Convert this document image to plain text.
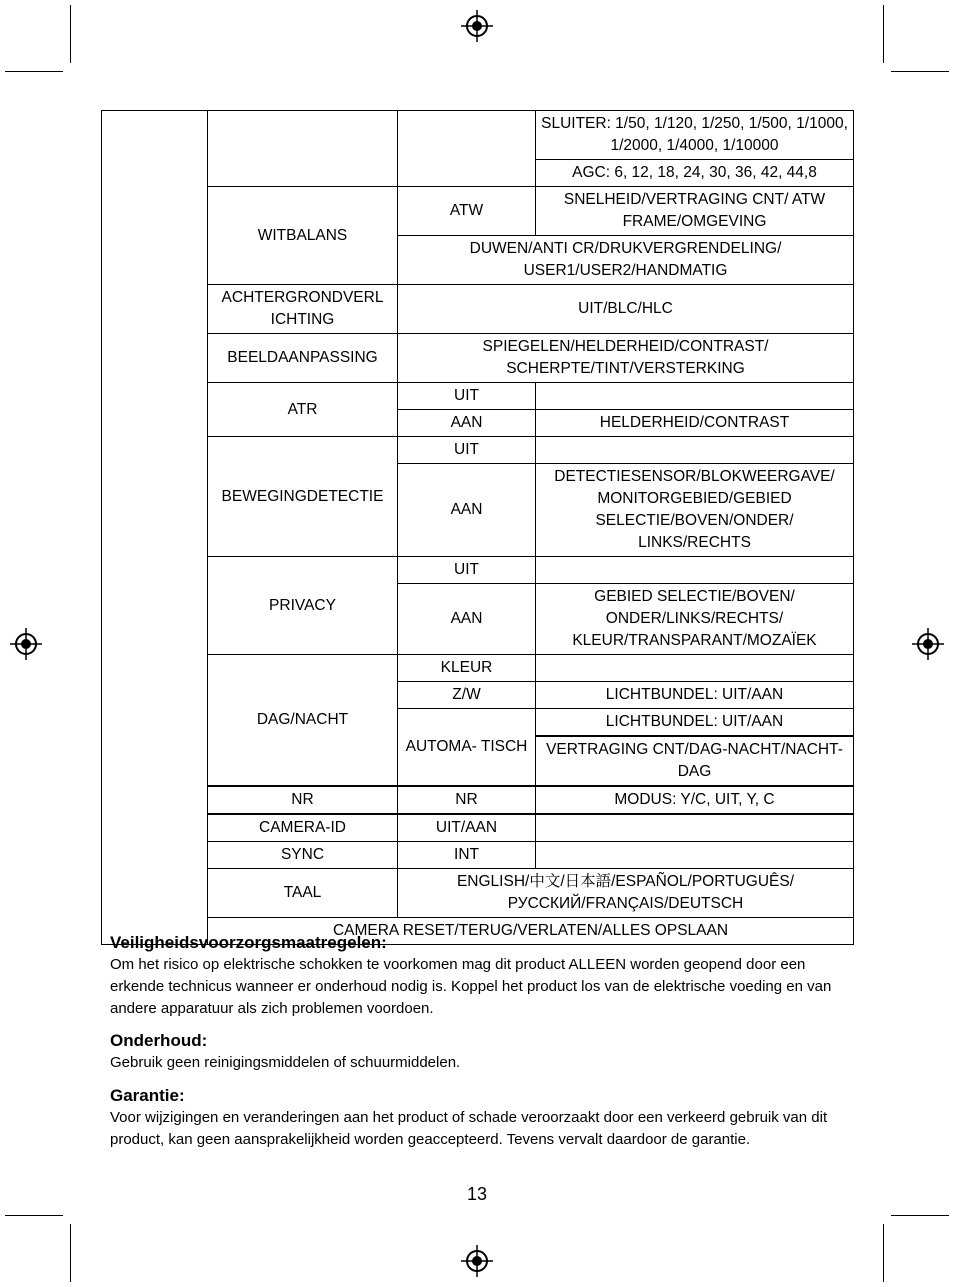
			SLUITER: 1/50, 1/120, 1/250, 1/500, 1/1000, 1/2000, 1/4000, 1/10000
			AGC: 6, 12, 18, 24, 30, 36, 42, 44,8
	WITBALANS	ATW	SNELHEID/VERTRAGING CNT/ ATW FRAME/OMGEVING
		DUWEN/ANTI CR/DRUKVERGRENDELING/ USER1/USER2/HANDMATIG	
	ACHTERGRONDVERL ICHTING	UIT/BLC/HLC	
	BEELDAANPASSING	SPIEGELEN/HELDERHEID/CONTRAST/ SCHERPTE/TINT/VERSTERKING	
	ATR	UIT	
		AAN	HELDERHEID/CONTRAST
	BEWEGINGDETECTIE	UIT	
		AAN	DETECTIESENSOR/BLOKWEERGAVE/ MONITORGEBIED/GEBIED SELECTIE/BOVEN/ONDER/ LINKS/RECHTS
	PRIVACY	UIT	
		AAN	GEBIED SELECTIE/BOVEN/ ONDER/LINKS/RECHTS/ KLEUR/TRANSPARANT/MOZAÏEK
	DAG/NACHT	KLEUR	
		Z/W	LICHTBUNDEL: UIT/AAN
		AUTOMA- TISCH	LICHTBUNDEL: UIT/AAN
			VERTRAGING CNT/DAG-NACHT/NACHT-DAG
	NR	NR	MODUS: Y/C, UIT, Y, C
	CAMERA-ID	UIT/AAN	
	SYNC	INT	
	TAAL	ENGLISH/中文/日本語/ESPAÑOL/PORTUGUÊS/ РУССКИЙ/FRANÇAIS/DEUTSCH	
	CAMERA RESET/TERUG/VERLATEN/ALLES OPSLAAN		
Veiligheidsvoorzorgsmaatregelen:

Om het risico op elektrische schokken te voorkomen mag dit product ALLEEN worden geopend door een erkende technicus wanneer er onderhoud nodig is. Koppel het product los van de elektrische voeding en van andere apparatuur als zich problemen voordoen.

Onderhoud:

Gebruik geen reinigingsmiddelen of schuurmiddelen.

Garantie:

Voor wijzigingen en veranderingen aan het product of schade veroorzaakt door een verkeerd gebruik van dit product, kan geen aansprakelijkheid worden geaccepteerd. Tevens vervalt daardoor de garantie.

13
